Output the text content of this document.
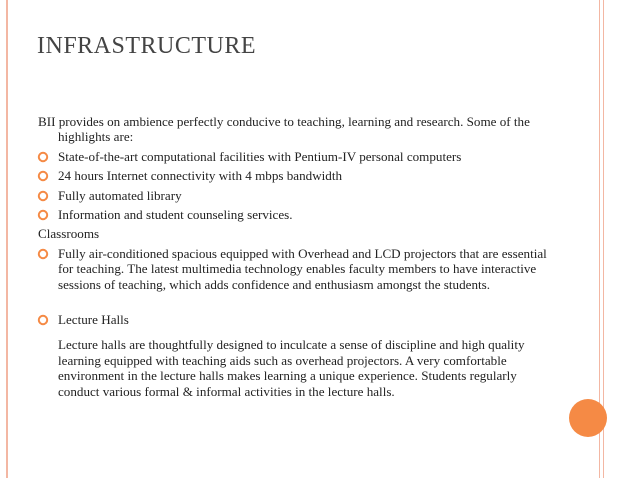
INFRASTRUCTURE

BII provides on ambience perfectly conducive to teaching, learning and research. Some of the highlights are:

State-of-the-art computational facilities with Pentium-IV personal computers
24 hours Internet connectivity with 4 mbps bandwidth
Fully automated library
Information and student counseling services.
Classrooms
Fully air-conditioned spacious equipped with Overhead and LCD projectors that are essential for teaching. The latest multimedia technology enables faculty members to have interactive sessions of teaching, which adds confidence and enthusiasm amongst the students.
Lecture Halls
Lecture halls are thoughtfully designed to inculcate a sense of discipline and high quality learning equipped with teaching aids such as overhead projectors. A very comfortable environment in the lecture halls makes learning a unique experience. Students regularly conduct various formal & informal activities in the lecture halls.
